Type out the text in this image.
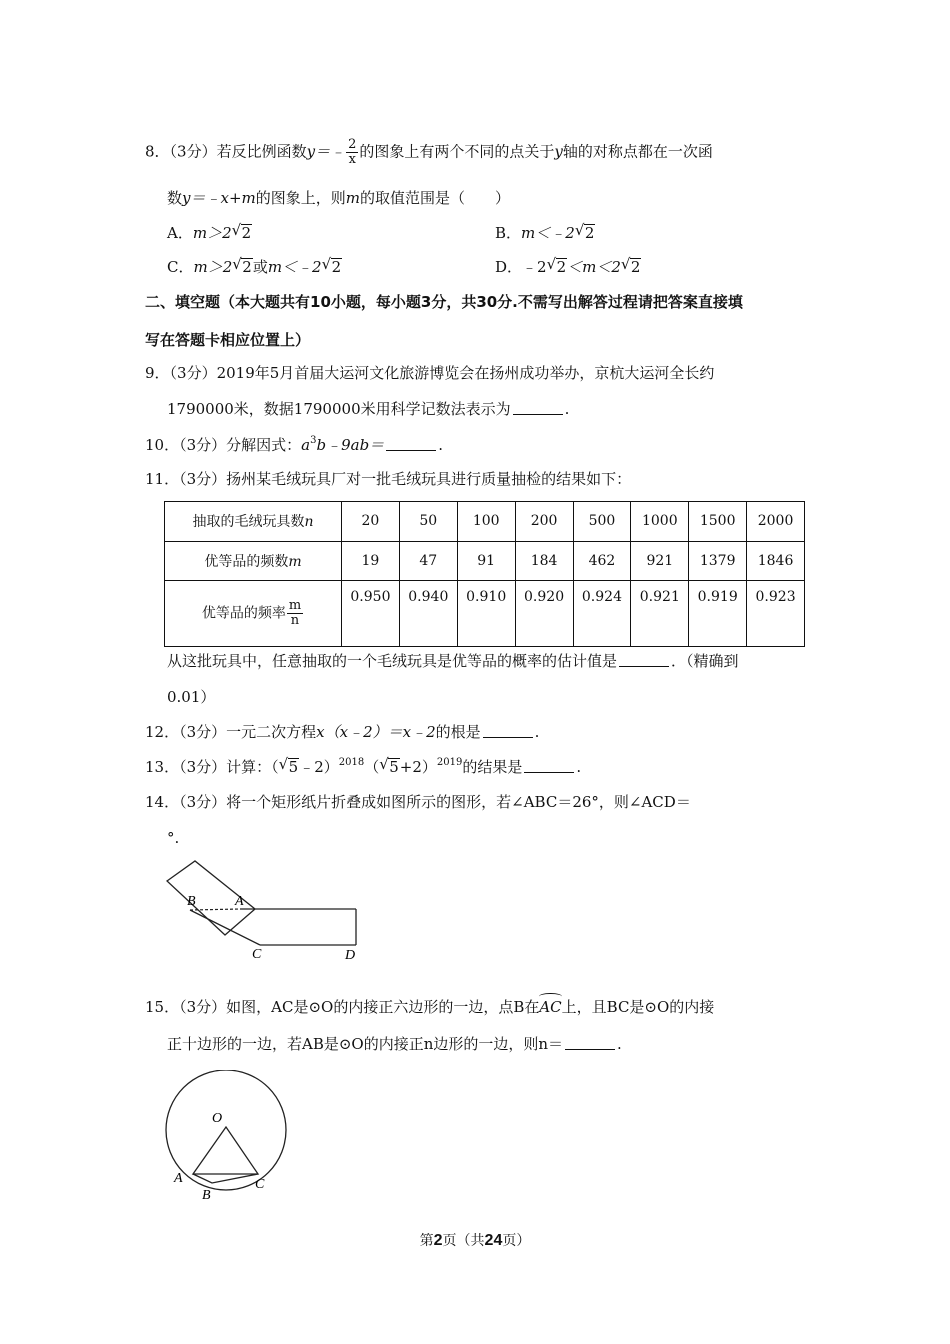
8．（3分）若反比例函数y＝﹣ $\frac{2}{x}$ 的图象上有两个不同的点关于y轴的对称点都在一次函
数y＝﹣x+m的图象上，则m的取值范围是（　　）
A．m＞2 √ 2	B．m＜﹣2 √ 2
C．m＞2 √ 2或m＜﹣2 √ 2	D．﹣2 √ 2＜m＜2 √ 2
二、填空题（本大题共有10小题，每小题3分，共30分.不需写出解答过程请把答案直接填
写在答题卡相应位置上）
9．（3分）2019年5月首届大运河文化旅游博览会在扬州成功举办，京杭大运河全长约
1790000米，数据1790000米用科学记数法表示为	.
10．（3分）分解因式：$a^3b﹣9ab=$	.
11．（3分）扬州某毛绒玩具厂对一批毛绒玩具进行质量抽检的结果如下：
抽取的毛绒玩具数n	20	50	100	200	500	1000	1500	2000
优等品的频数m	19	47	91	184	462	921	1379	1846
优等品的频率 $\frac{m}{n}$	0.950	0.940	0.910	0.920	0.924	0.921	0.919	0.923
从这批玩具中，任意抽取的一个毛绒玩具是优等品的概率的估计值是	．（精确到
0.01）
12．（3分）一元二次方程x（x﹣2）＝x﹣2的根是	.
13．（3分）计算：（ √ 5﹣2）$^{2018}$（ √ 5+2）$^{2019}$的结果是	.
14．（3分）将一个矩形纸片折叠成如图所示的图形，若∠ABC＝26°，则∠ACD＝
°.
B	A
C	D
15．（3分）如图，AC是⊙O的内接正六边形的一边，点B在AC上，且BC是⊙O的内接
正十边形的一边，若AB是⊙O的内接正n边形的一边，则n＝	.
O
A
B
C
第2页（共24页）
